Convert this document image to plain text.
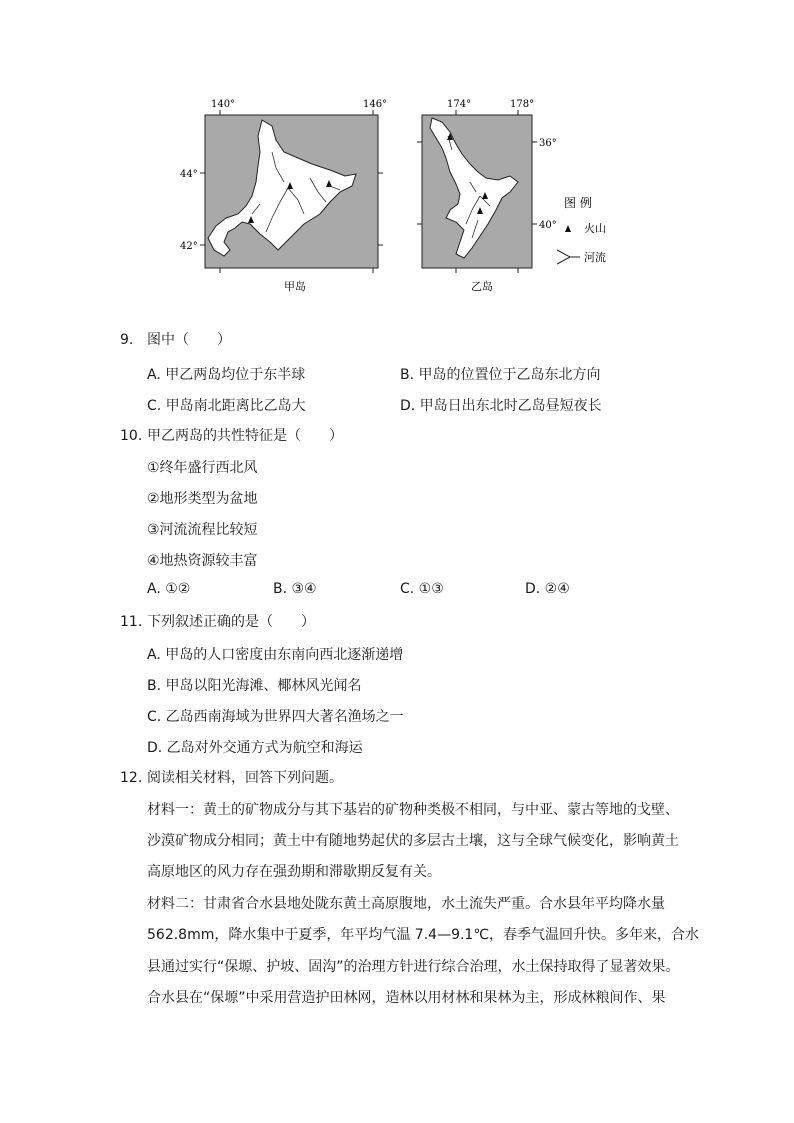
140°	146°
44°
42°
甲岛
174°	178°
36°
40°
乙岛
图 例
火山
河流
9. 图中（　　）
A. 甲乙两岛均位于东半球	B. 甲岛的位置位于乙岛东北方向
C. 甲岛南北距离比乙岛大	D. 甲岛日出东北时乙岛昼短夜长
10. 甲乙两岛的共性特征是（　　）
①终年盛行西北风
②地形类型为盆地
③河流流程比较短
④地热资源较丰富
A. ①②	B. ③④	C. ①③	D. ②④
11. 下列叙述正确的是（　　）
A. 甲岛的人口密度由东南向西北逐渐递增
B. 甲岛以阳光海滩、椰林风光闻名
C. 乙岛西南海域为世界四大著名渔场之一
D. 乙岛对外交通方式为航空和海运
12. 阅读相关材料，回答下列问题。
材料一：黄土的矿物成分与其下基岩的矿物种类极不相同，与中亚、蒙古等地的戈壁、
沙漠矿物成分相同；黄土中有随地势起伏的多层古土壤，这与全球气候变化，影响黄土
高原地区的风力存在强劲期和滞歇期反复有关。
材料二：甘肃省合水县地处陇东黄土高原腹地，水土流失严重。合水县年平均降水量
562.8mm，降水集中于夏季，年平均气温 7.4—9.1℃，春季气温回升快。多年来，合水
县通过实行“保塬、护坡、固沟”的治理方针进行综合治理，水土保持取得了显著效果。
合水县在“保塬”中采用营造护田林网，造林以用材林和果林为主，形成林粮间作、果
